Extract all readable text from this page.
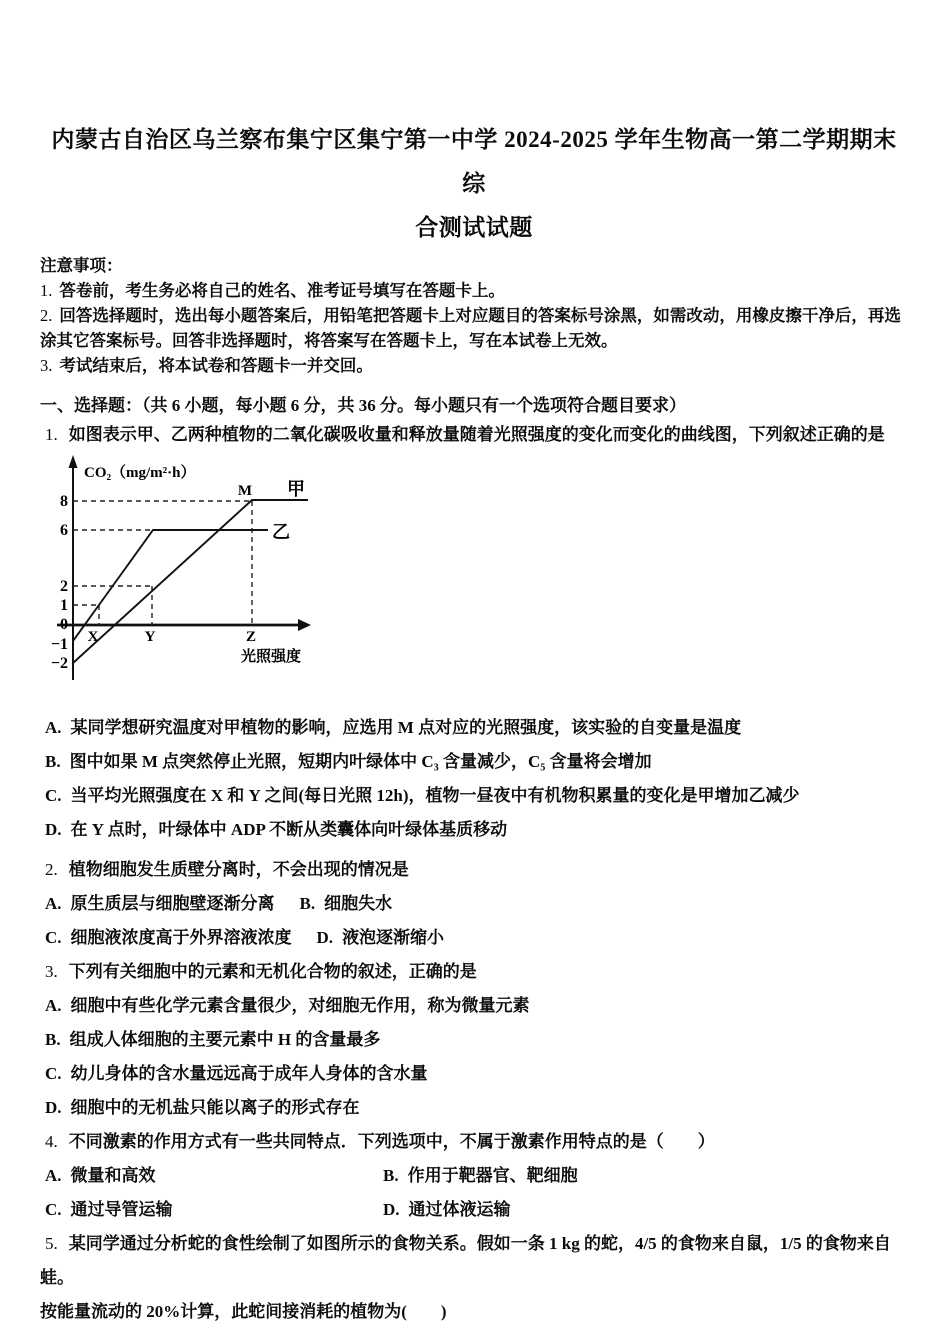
内蒙古自治区乌兰察布集宁区集宁第一中学 2024-2025 学年生物高一第二学期期末综
合测试试题

注意事项：

1. 答卷前，考生务必将自己的姓名、准考证号填写在答题卡上。

2. 回答选择题时，选出每小题答案后，用铅笔把答题卡上对应题目的答案标号涂黑，如需改动，用橡皮擦干净后，再选涂其它答案标号。回答非选择题时，将答案写在答题卡上，写在本试卷上无效。

3. 考试结束后，将本试卷和答题卡一并交回。

一、选择题：（共 6 小题，每小题 6 分，共 36 分。每小题只有一个选项符合题目要求）

1. 如图表示甲、乙两种植物的二氧化碳吸收量和释放量随着光照强度的变化而变化的曲线图，下列叙述正确的是

CO₂（mg/m²·h）
8
6
2
1
0
−1
−2
X	Y	Z
M 甲
乙
光照强度

A. 某同学想研究温度对甲植物的影响，应选用 M 点对应的光照强度，该实验的自变量是温度

B. 图中如果 M 点突然停止光照，短期内叶绿体中 C₃ 含量减少，C₅ 含量将会增加

C. 当平均光照强度在 X 和 Y 之间(每日光照 12h)，植物一昼夜中有机物积累量的变化是甲增加乙减少

D. 在 Y 点时，叶绿体中 ADP 不断从类囊体向叶绿体基质移动

2. 植物细胞发生质壁分离时，不会出现的情况是

A. 原生质层与细胞壁逐渐分离 B. 细胞失水

C. 细胞液浓度高于外界溶液浓度 D. 液泡逐渐缩小

3. 下列有关细胞中的元素和无机化合物的叙述，正确的是

A. 细胞中有些化学元素含量很少，对细胞无作用，称为微量元素

B. 组成人体细胞的主要元素中 H 的含量最多

C. 幼儿身体的含水量远远高于成年人身体的含水量

D. 细胞中的无机盐只能以离子的形式存在

4. 不同激素的作用方式有一些共同特点．下列选项中，不属于激素作用特点的是（　　）

A. 微量和高效	B. 作用于靶器官、靶细胞

C. 通过导管运输	D. 通过体液运输

5. 某同学通过分析蛇的食性绘制了如图所示的食物关系。假如一条 1 kg 的蛇，4/5 的食物来自鼠，1/5 的食物来自蛙。

按能量流动的 20%计算，此蛇间接消耗的植物为(　　)
